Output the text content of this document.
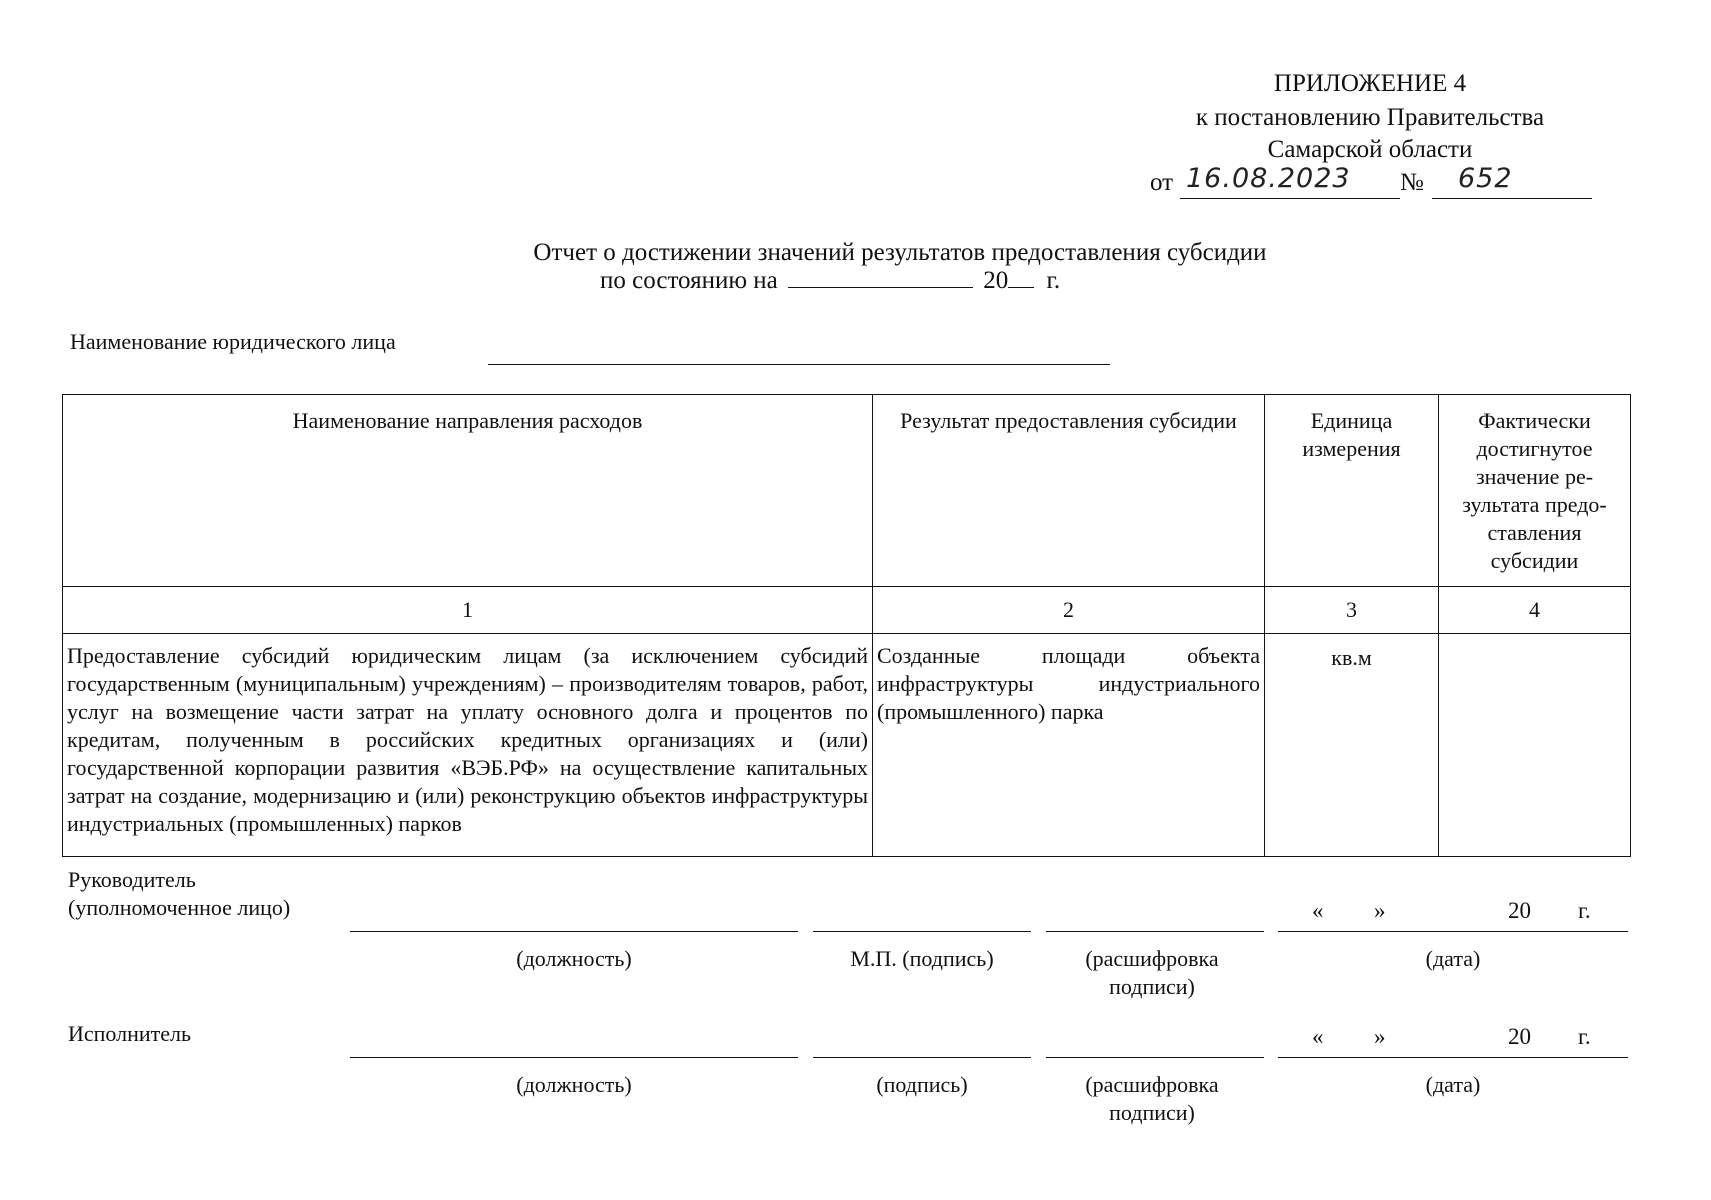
ПРИЛОЖЕНИЕ 4
к постановлению Правительства
Самарской области
от 16.08.2023 № 652
Отчет о достижении значений результатов предоставления субсидии
по состоянию на	20 г.
Наименование юридического лица
Наименование направления расходов	Результат предоставления субсидии	Единица измерения	Фактически достигнутое значение ре-зультата предо-ставления субсидии
1	2	3	4
Предоставление субсидий юридическим лицам (за исключением субсидий государственным (муниципальным) учреждениям) – производителям товаров, работ, услуг на возмещение части затрат на уплату основного долга и процентов по кредитам, полученным в российских кредитных организациях и (или) государственной корпорации развития «ВЭБ.РФ» на осуществление капитальных затрат на создание, модернизацию и (или) реконструкцию объектов инфраструктуры индустриальных (промышленных) парков	Созданные площади объекта инфраструктуры индустриального (промышленного) парка	кв.м	
Руководитель
(уполномоченное лицо)	« »	20 г.
(должность)	М.П. (подпись)	(расшифровка подписи)
(дата)
Исполнитель	« »	20 г.
(должность)	(подпись)	(расшифровка подписи)
(дата)
